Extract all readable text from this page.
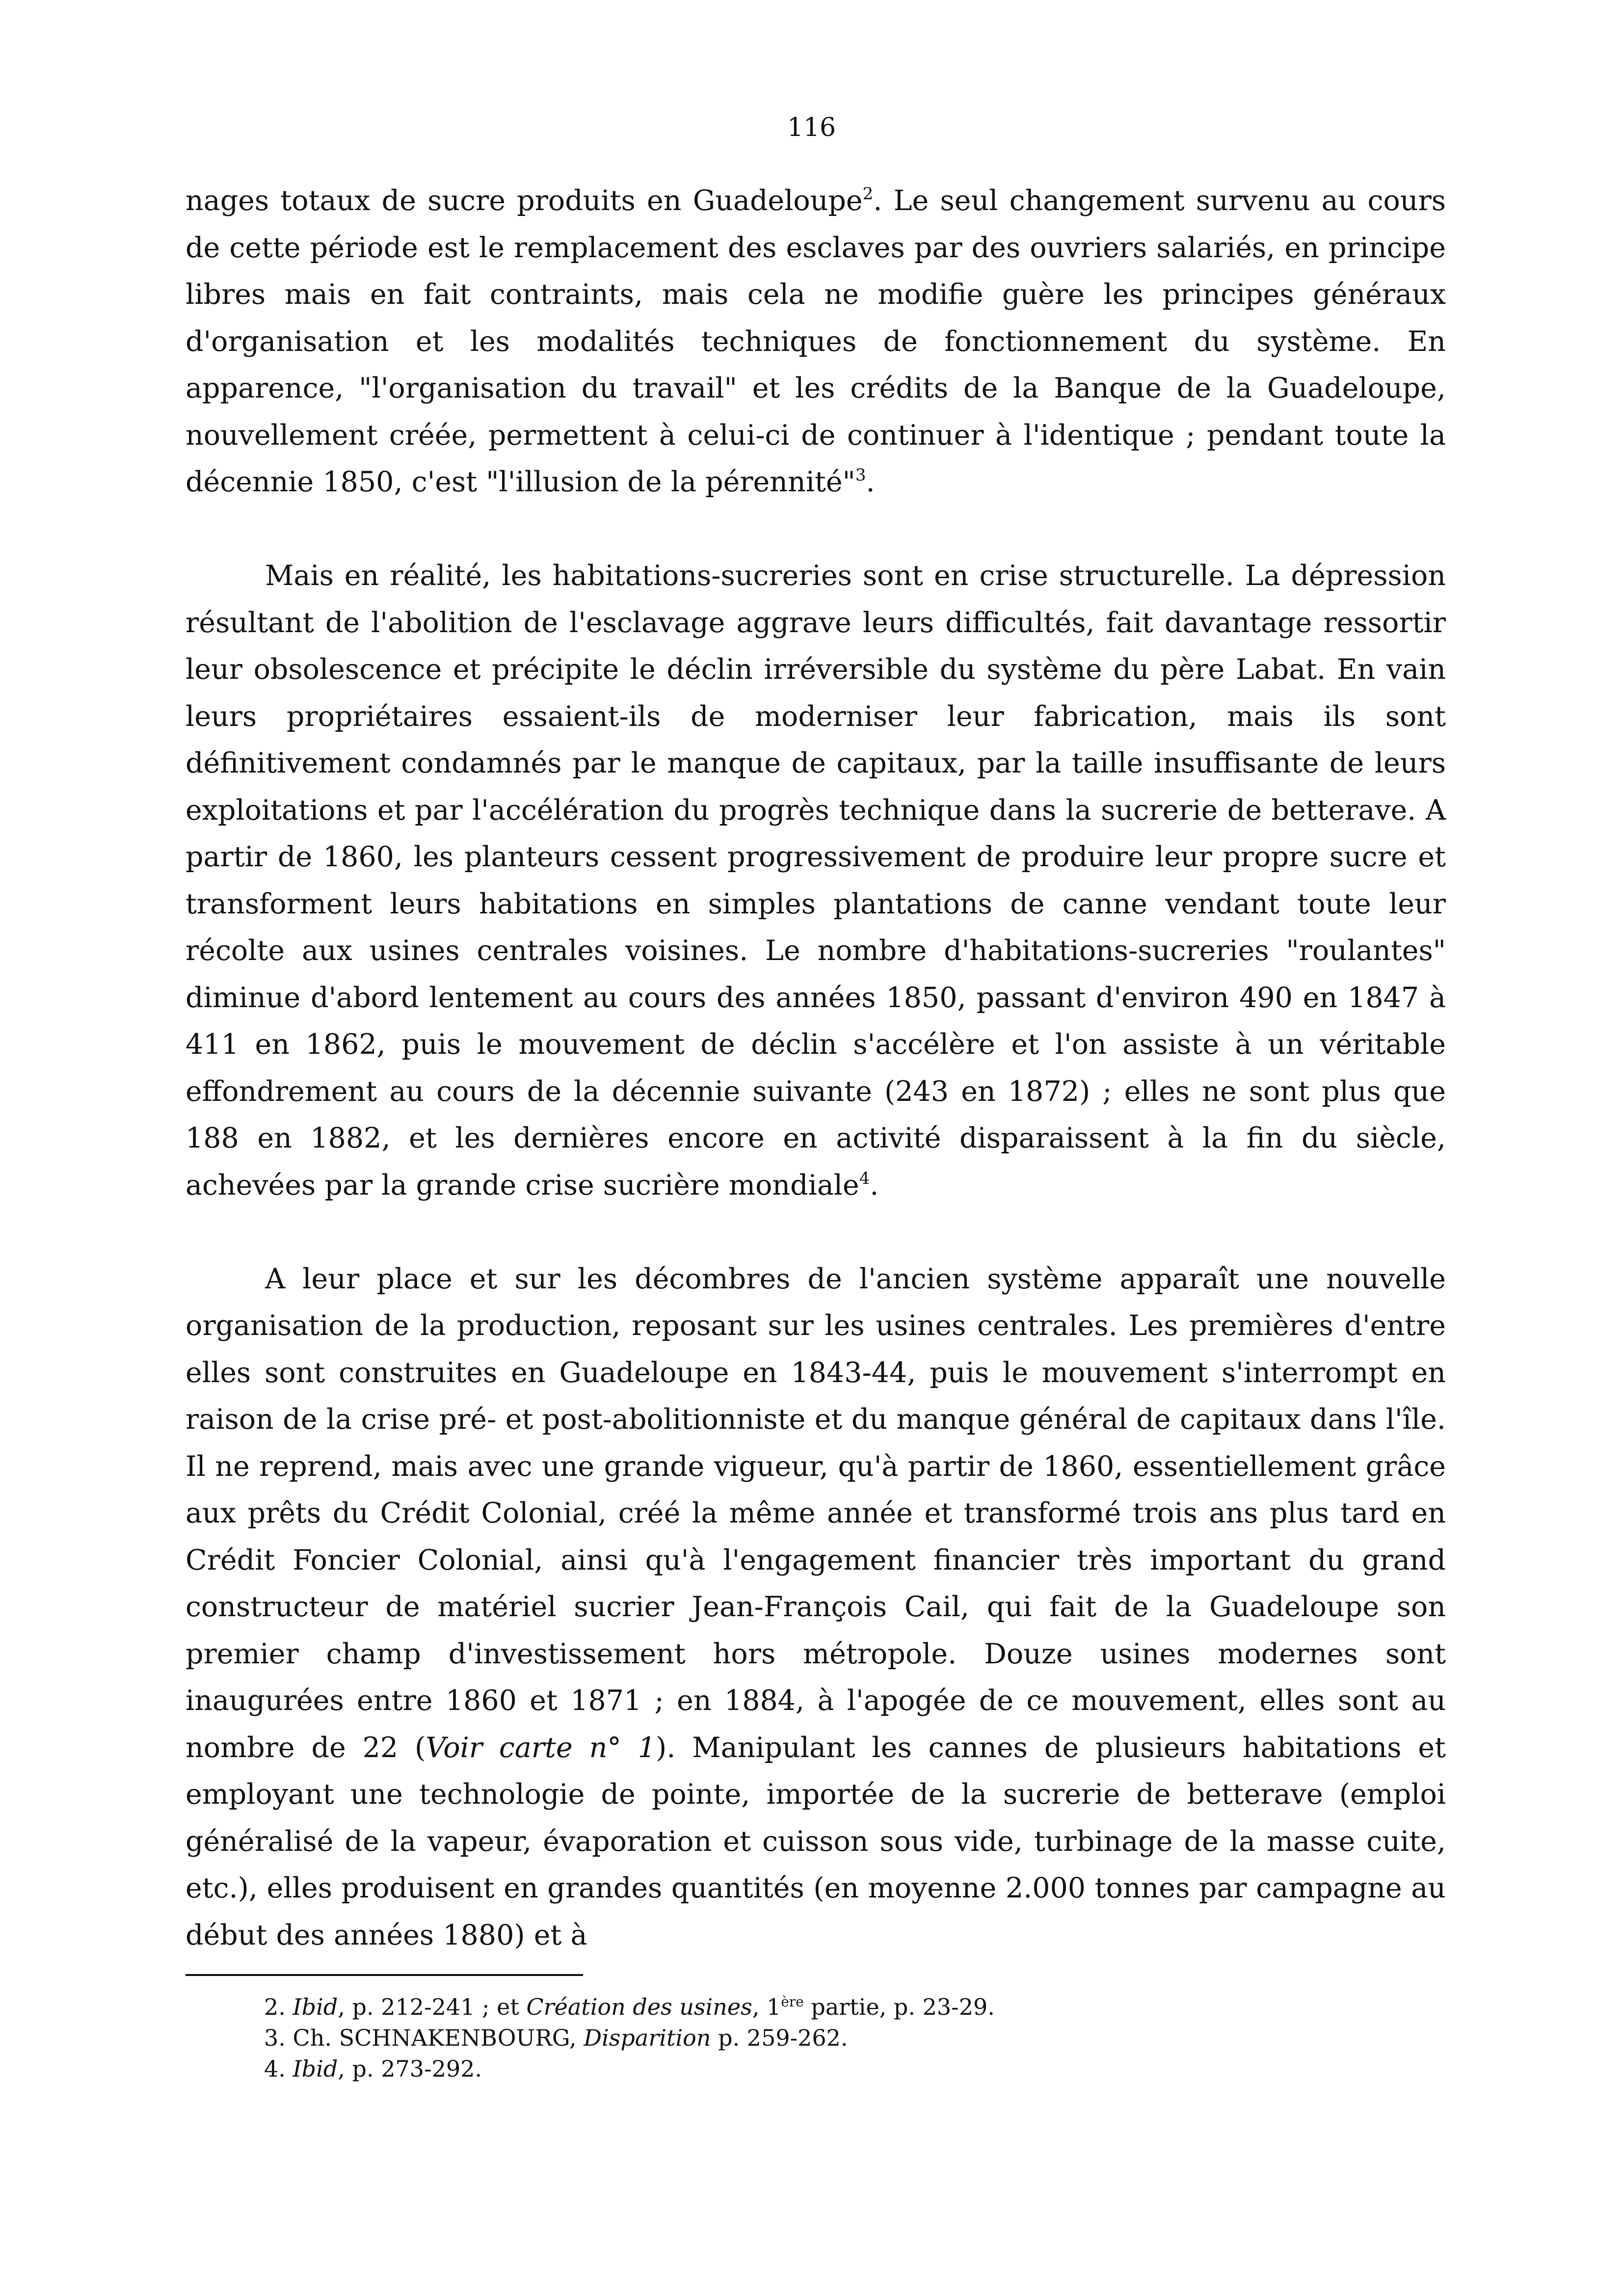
116

nages totaux de sucre produits en Guadeloupe$^2$. Le seul changement survenu au cours de cette période est le remplacement des esclaves par des ouvriers salariés, en principe libres mais en fait contraints, mais cela ne modifie guère les principes généraux d'organisation et les modalités techniques de fonctionnement du système. En apparence, "l'organisation du travail" et les crédits de la Banque de la Guadeloupe, nouvellement créée, permettent à celui-ci de continuer à l'identique ; pendant toute la décennie 1850, c'est "l'illusion de la pérennité"$^3$.

Mais en réalité, les habitations-sucreries sont en crise structurelle. La dépression résultant de l'abolition de l'esclavage aggrave leurs difficultés, fait davantage ressortir leur obsolescence et précipite le déclin irréversible du système du père Labat. En vain leurs propriétaires essaient-ils de moderniser leur fabrication, mais ils sont définitivement condamnés par le manque de capitaux, par la taille insuffisante de leurs exploitations et par l'accélération du progrès technique dans la sucrerie de betterave. A partir de 1860, les planteurs cessent progressivement de produire leur propre sucre et transforment leurs habitations en simples plantations de canne vendant toute leur récolte aux usines centrales voisines. Le nombre d'habitations-sucreries "roulantes" diminue d'abord lentement au cours des années 1850, passant d'environ 490 en 1847 à 411 en 1862, puis le mouvement de déclin s'accélère et l'on assiste à un véritable effondrement au cours de la décennie suivante (243 en 1872) ; elles ne sont plus que 188 en 1882, et les dernières encore en activité disparaissent à la fin du siècle, achevées par la grande crise sucrière mondiale$^4$.

A leur place et sur les décombres de l'ancien système apparaît une nouvelle organisation de la production, reposant sur les usines centrales. Les premières d'entre elles sont construites en Guadeloupe en 1843-44, puis le mouvement s'interrompt en raison de la crise pré- et post-abolitionniste et du manque général de capitaux dans l'île. Il ne reprend, mais avec une grande vigueur, qu'à partir de 1860, essentiellement grâce aux prêts du Crédit Colonial, créé la même année et transformé trois ans plus tard en Crédit Foncier Colonial, ainsi qu'à l'engagement financier très important du grand constructeur de matériel sucrier Jean-François Cail, qui fait de la Guadeloupe son premier champ d'investissement hors métropole. Douze usines modernes sont inaugurées entre 1860 et 1871 ; en 1884, à l'apogée de ce mouvement, elles sont au nombre de 22 (Voir carte n° 1). Manipulant les cannes de plusieurs habitations et employant une technologie de pointe, importée de la sucrerie de betterave (emploi généralisé de la vapeur, évaporation et cuisson sous vide, turbinage de la masse cuite, etc.), elles produisent en grandes quantités (en moyenne 2.000 tonnes par campagne au début des années 1880) et à

2. Ibid, p. 212-241 ; et Création des usines, 1ère partie, p. 23-29.
3. Ch. SCHNAKENBOURG, Disparition p. 259-262.
4. Ibid, p. 273-292.
